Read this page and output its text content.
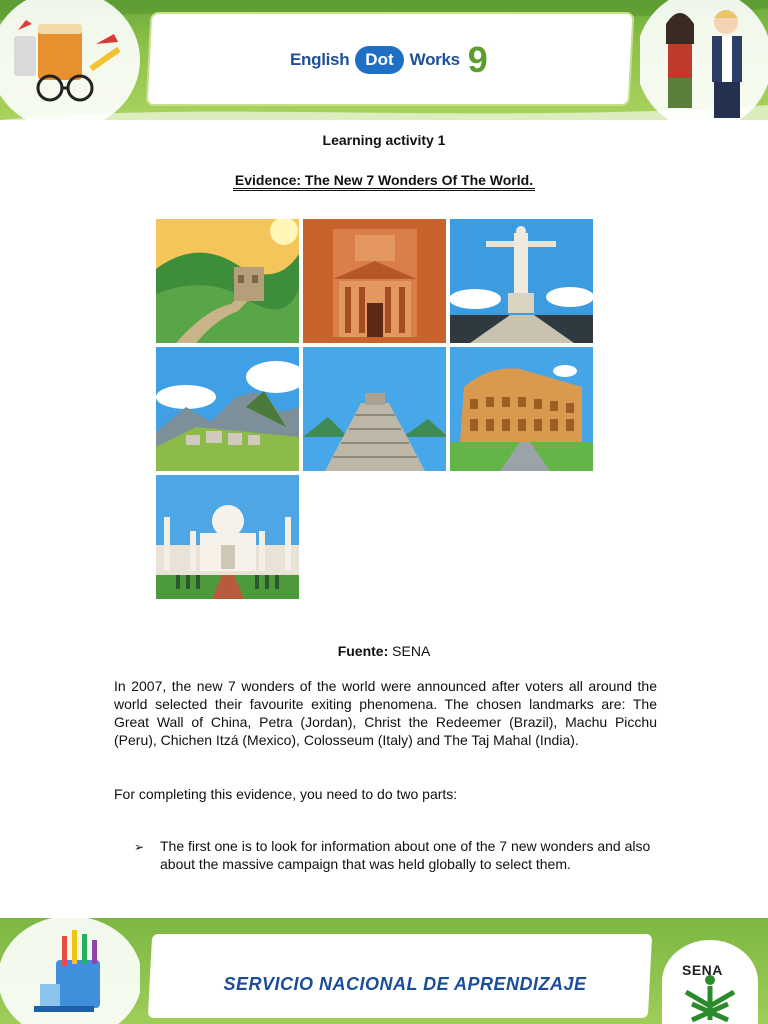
English Dot Works 9
Learning activity 1
Evidence: The New 7 Wonders Of The World.
Fuente: SENA
In 2007, the new 7 wonders of the world were announced after voters all around the world selected their favourite exiting phenomena. The chosen landmarks are: The Great Wall of China, Petra (Jordan), Christ the Redeemer (Brazil), Machu Picchu (Peru), Chichen Itzá (Mexico), Colosseum (Italy) and The Taj Mahal (India).
For completing this evidence, you need to do two parts:
➢	The first one is to look for information about one of the 7 new wonders and also about the massive campaign that was held globally to select them.
SERVICIO NACIONAL DE APRENDIZAJE
SENA
